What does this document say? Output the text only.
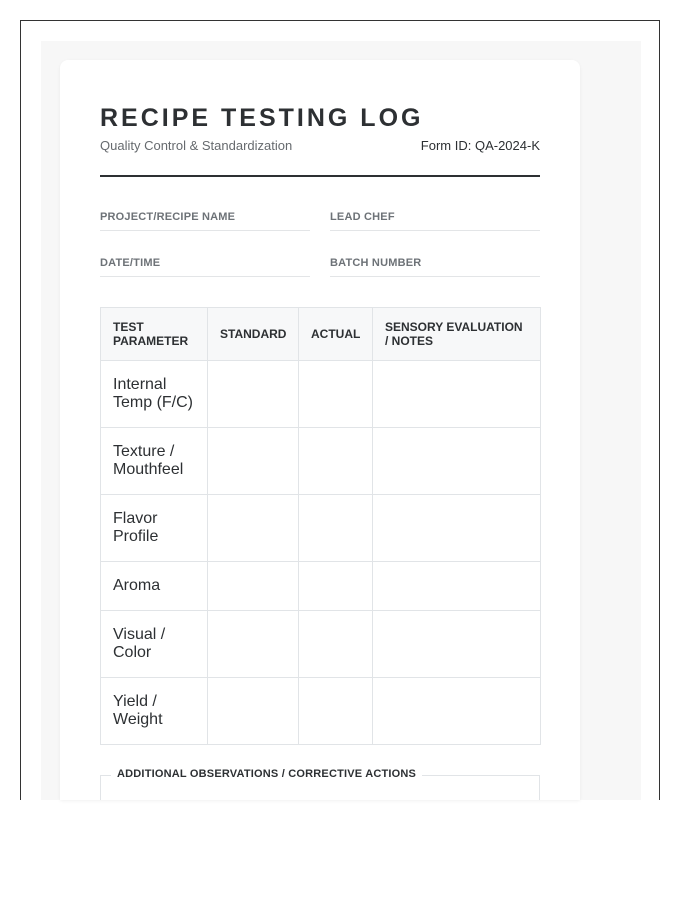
RECIPE TESTING LOG
Quality Control & Standardization	Form ID: QA-2024-K
PROJECT/RECIPE NAME	LEAD CHEF
DATE/TIME	BATCH NUMBER
TEST PARAMETER	STANDARD	ACTUAL	SENSORY EVALUATION / NOTES
Internal Temp (F/C)			
Texture / Mouthfeel			
Flavor Profile			
Aroma			
Visual / Color			
Yield / Weight			
ADDITIONAL OBSERVATIONS / CORRECTIVE ACTIONS
